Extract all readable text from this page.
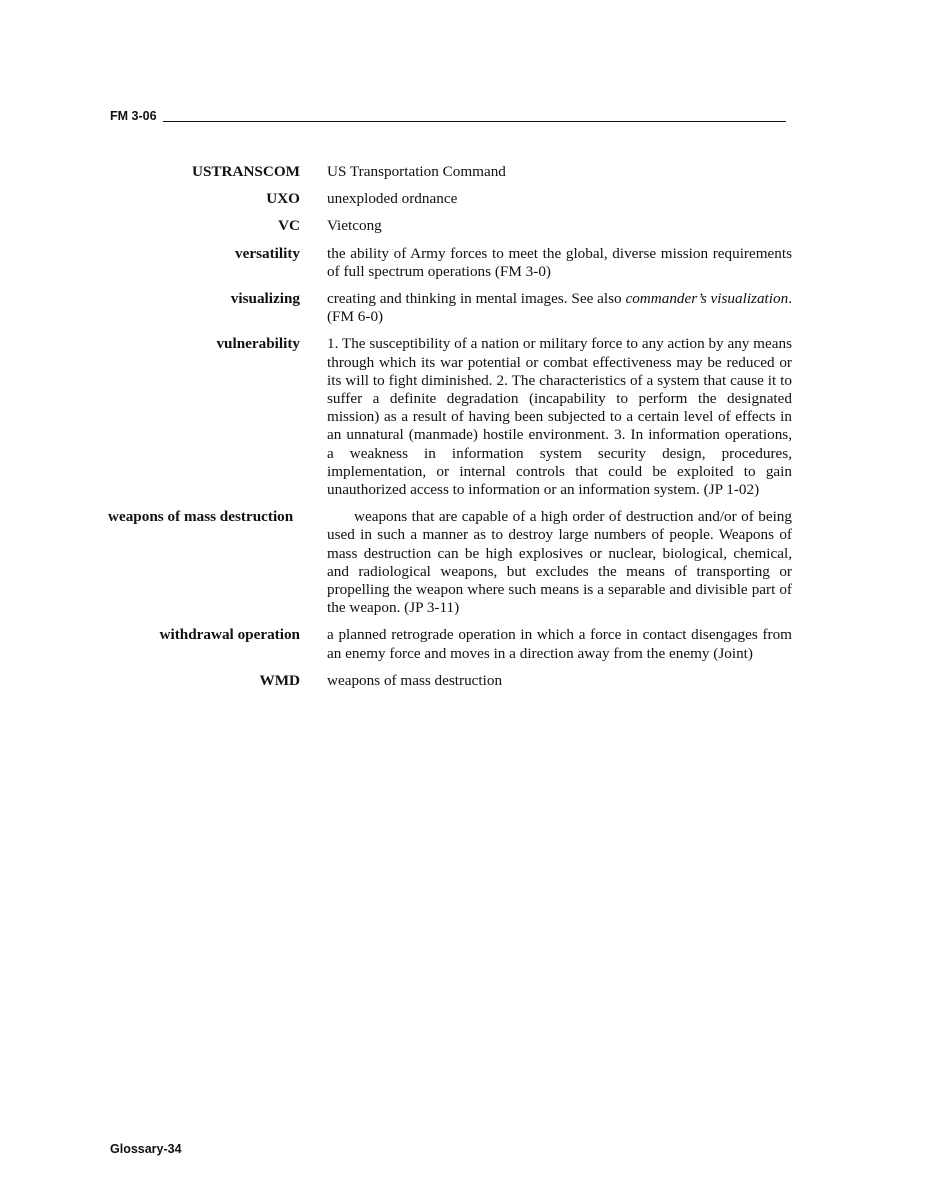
FM 3-06
USTRANSCOM US Transportation Command
UXO unexploded ordnance
VC Vietcong
versatility the ability of Army forces to meet the global, diverse mission requirements of full spectrum operations (FM 3-0)
visualizing creating and thinking in mental images. See also commander’s visualization. (FM 6-0)
vulnerability 1. The susceptibility of a nation or military force to any action by any means through which its war potential or combat effectiveness may be reduced or its will to fight diminished. 2. The characteristics of a system that cause it to suffer a definite degradation (incapability to perform the designated mission) as a result of having been subjected to a certain level of effects in an unnatural (manmade) hostile environment. 3. In information operations, a weakness in information system security design, procedures, implementation, or internal controls that could be exploited to gain unauthorized access to information or an information system. (JP 1-02)
weapons of mass destruction	weapons that are capable of a high order of destruction and/or of being used in such a manner as to destroy large numbers of people. Weapons of mass destruction can be high explosives or nuclear, biological, chemical, and radiological weapons, but excludes the means of transporting or propelling the weapon where such means is a separable and divisible part of the weapon. (JP 3-11)
withdrawal operation a planned retrograde operation in which a force in contact disengages from an enemy force and moves in a direction away from the enemy (Joint)
WMD weapons of mass destruction
Glossary-34
